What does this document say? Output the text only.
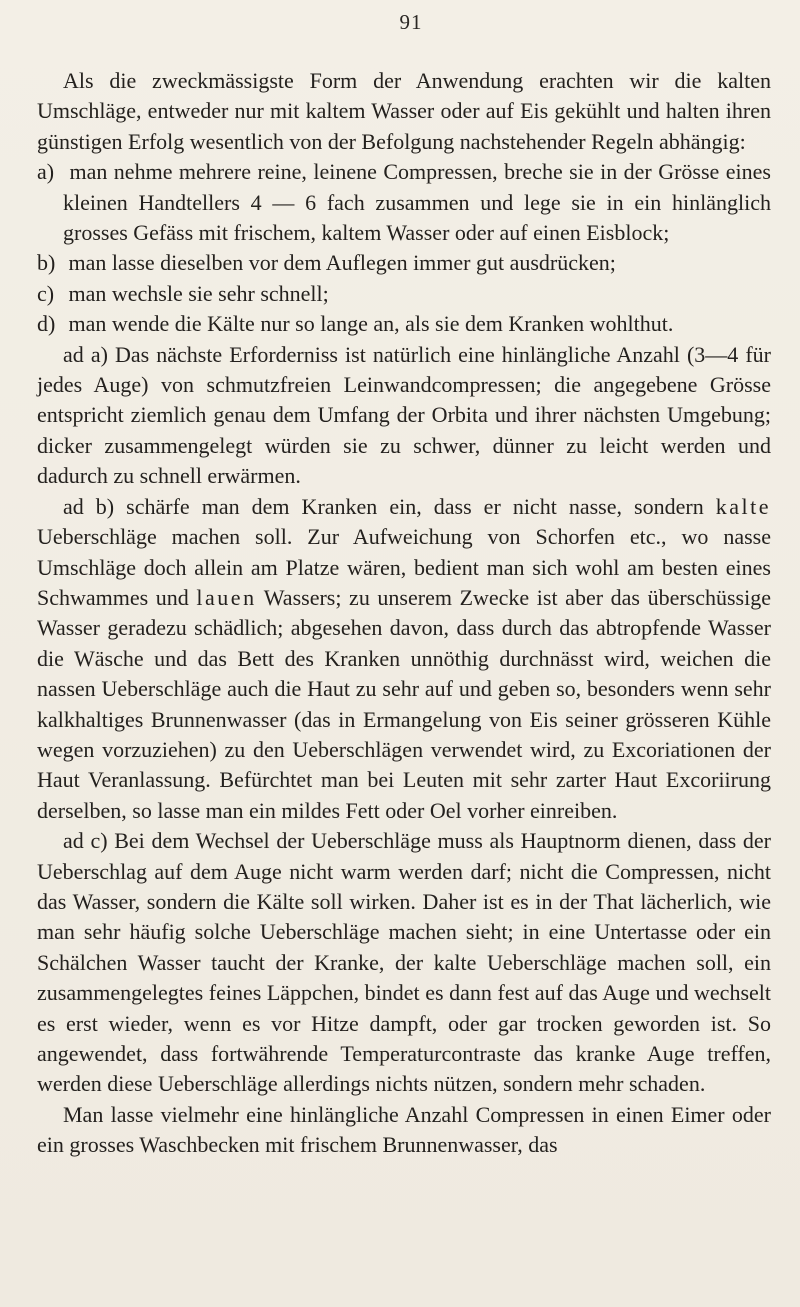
91

Als die zweckmässigste Form der Anwendung erachten wir die kalten Umschläge, entweder nur mit kaltem Wasser oder auf Eis gekühlt und halten ihren günstigen Erfolg wesentlich von der Befolgung nachstehender Regeln abhängig:

a) man nehme mehrere reine, leinene Compressen, breche sie in der Grösse eines kleinen Handtellers 4 — 6 fach zusammen und lege sie in ein hinlänglich grosses Gefäss mit frischem, kaltem Wasser oder auf einen Eisblock;

b) man lasse dieselben vor dem Auflegen immer gut ausdrücken;

c) man wechsle sie sehr schnell;

d) man wende die Kälte nur so lange an, als sie dem Kranken wohlthut.

ad a) Das nächste Erforderniss ist natürlich eine hinlängliche Anzahl (3—4 für jedes Auge) von schmutzfreien Leinwandcompressen; die angegebene Grösse entspricht ziemlich genau dem Umfang der Orbita und ihrer nächsten Umgebung; dicker zusammengelegt würden sie zu schwer, dünner zu leicht werden und dadurch zu schnell erwärmen.

ad b) schärfe man dem Kranken ein, dass er nicht nasse, sondern kalte Ueberschläge machen soll. Zur Aufweichung von Schorfen etc., wo nasse Umschläge doch allein am Platze wären, bedient man sich wohl am besten eines Schwammes und lauen Wassers; zu unserem Zwecke ist aber das überschüssige Wasser geradezu schädlich; abgesehen davon, dass durch das abtropfende Wasser die Wäsche und das Bett des Kranken unnöthig durchnässt wird, weichen die nassen Ueberschläge auch die Haut zu sehr auf und geben so, besonders wenn sehr kalkhaltiges Brunnenwasser (das in Ermangelung von Eis seiner grösseren Kühle wegen vorzuziehen) zu den Ueberschlägen verwendet wird, zu Excoriationen der Haut Veranlassung. Befürchtet man bei Leuten mit sehr zarter Haut Excoriirung derselben, so lasse man ein mildes Fett oder Oel vorher einreiben.

ad c) Bei dem Wechsel der Ueberschläge muss als Hauptnorm dienen, dass der Ueberschlag auf dem Auge nicht warm werden darf; nicht die Compressen, nicht das Wasser, sondern die Kälte soll wirken. Daher ist es in der That lächerlich, wie man sehr häufig solche Ueberschläge machen sieht; in eine Untertasse oder ein Schälchen Wasser taucht der Kranke, der kalte Ueberschläge machen soll, ein zusammengelegtes feines Läppchen, bindet es dann fest auf das Auge und wechselt es erst wieder, wenn es vor Hitze dampft, oder gar trocken geworden ist. So angewendet, dass fortwährende Temperaturcontraste das kranke Auge treffen, werden diese Ueberschläge allerdings nichts nützen, sondern mehr schaden.

Man lasse vielmehr eine hinlängliche Anzahl Compressen in einen Eimer oder ein grosses Waschbecken mit frischem Brunnenwasser, das
